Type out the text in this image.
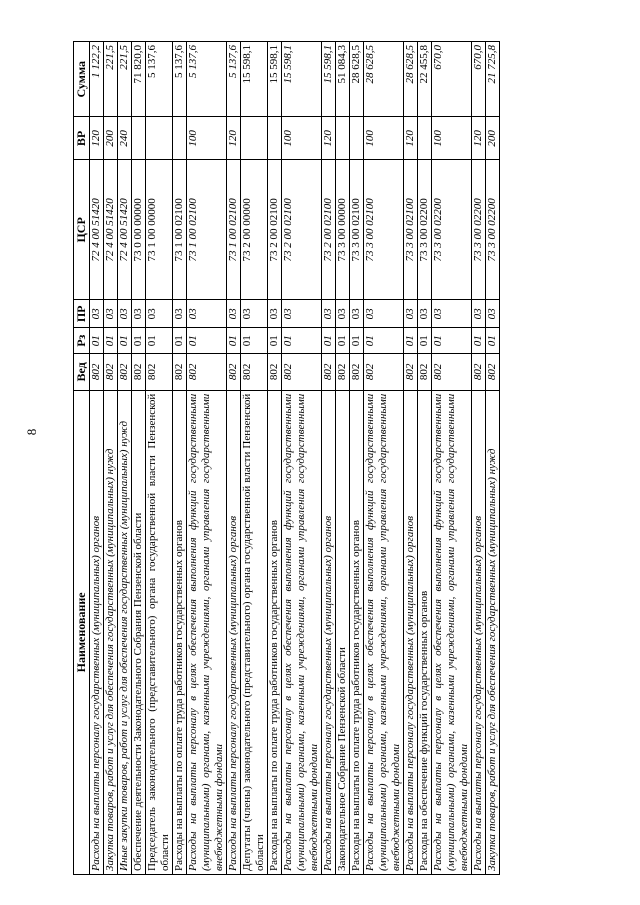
8
Наименование	Вед	Рз	ПР	ЦСР	ВР	Сумма
Расходы на выплаты персоналу государственных (муниципальных) органов	802	01	03	72 4 00 51420	120	1 122,2
Закупка товаров, работ и услуг для обеспечения государственных (муниципальных) нужд	802	01	03	72 4 00 51420	200	221,5
Иные закупки товаров, работ и услуг для обеспечения государственных (муниципальных) нужд	802	01	03	72 4 00 51420	240	221,5
Обеспечение деятельности Законодательного Собрания Пензенской области	802	01	03	73 0 00 00000		71 820,0
Председатель законодательного (представительного) органа государственной власти Пензенской области	802	01	03	73 1 00 00000		5 137,6
Расходы на выплаты по оплате труда работников государственных органов	802	01	03	73 1 00 02100		5 137,6
Расходы на выплаты персоналу в целях обеспечения выполнения функций государственными (муниципальными) органами, казенными учреждениями, органами управления государственными внебюджетными фондами	802	01	03	73 1 00 02100	100	5 137,6
Расходы на выплаты персоналу государственных (муниципальных) органов	802	01	03	73 1 00 02100	120	5 137,6
Депутаты (члены) законодательного (представительного) органа государственной власти Пензенской области	802	01	03	73 2 00 00000		15 598,1
Расходы на выплаты по оплате труда работников государственных органов	802	01	03	73 2 00 02100		15 598,1
Расходы на выплаты персоналу в целях обеспечения выполнения функций государственными (муниципальными) органами, казенными учреждениями, органами управления государственными внебюджетными фондами	802	01	03	73 2 00 02100	100	15 598,1
Расходы на выплаты персоналу государственных (муниципальных) органов	802	01	03	73 2 00 02100	120	15 598,1
Законодательное Собрание Пензенской области	802	01	03	73 3 00 00000		51 084,3
Расходы на выплаты по оплате труда работников государственных органов	802	01	03	73 3 00 02100		28 628,5
Расходы на выплаты персоналу в целях обеспечения выполнения функций государственными (муниципальными) органами, казенными учреждениями, органами управления государственными внебюджетными фондами	802	01	03	73 3 00 02100	100	28 628,5
Расходы на выплаты персоналу государственных (муниципальных) органов	802	01	03	73 3 00 02100	120	28 628,5
Расходы на обеспечение функций государственных органов	802	01	03	73 3 00 02200		22 455,8
Расходы на выплаты персоналу в целях обеспечения выполнения функций государственными (муниципальными) органами, казенными учреждениями, органами управления государственными внебюджетными фондами	802	01	03	73 3 00 02200	100	670,0
Расходы на выплаты персоналу государственных (муниципальных) органов	802	01	03	73 3 00 02200	120	670,0
Закупка товаров, работ и услуг для обеспечения государственных (муниципальных) нужд	802	01	03	73 3 00 02200	200	21 725,8
